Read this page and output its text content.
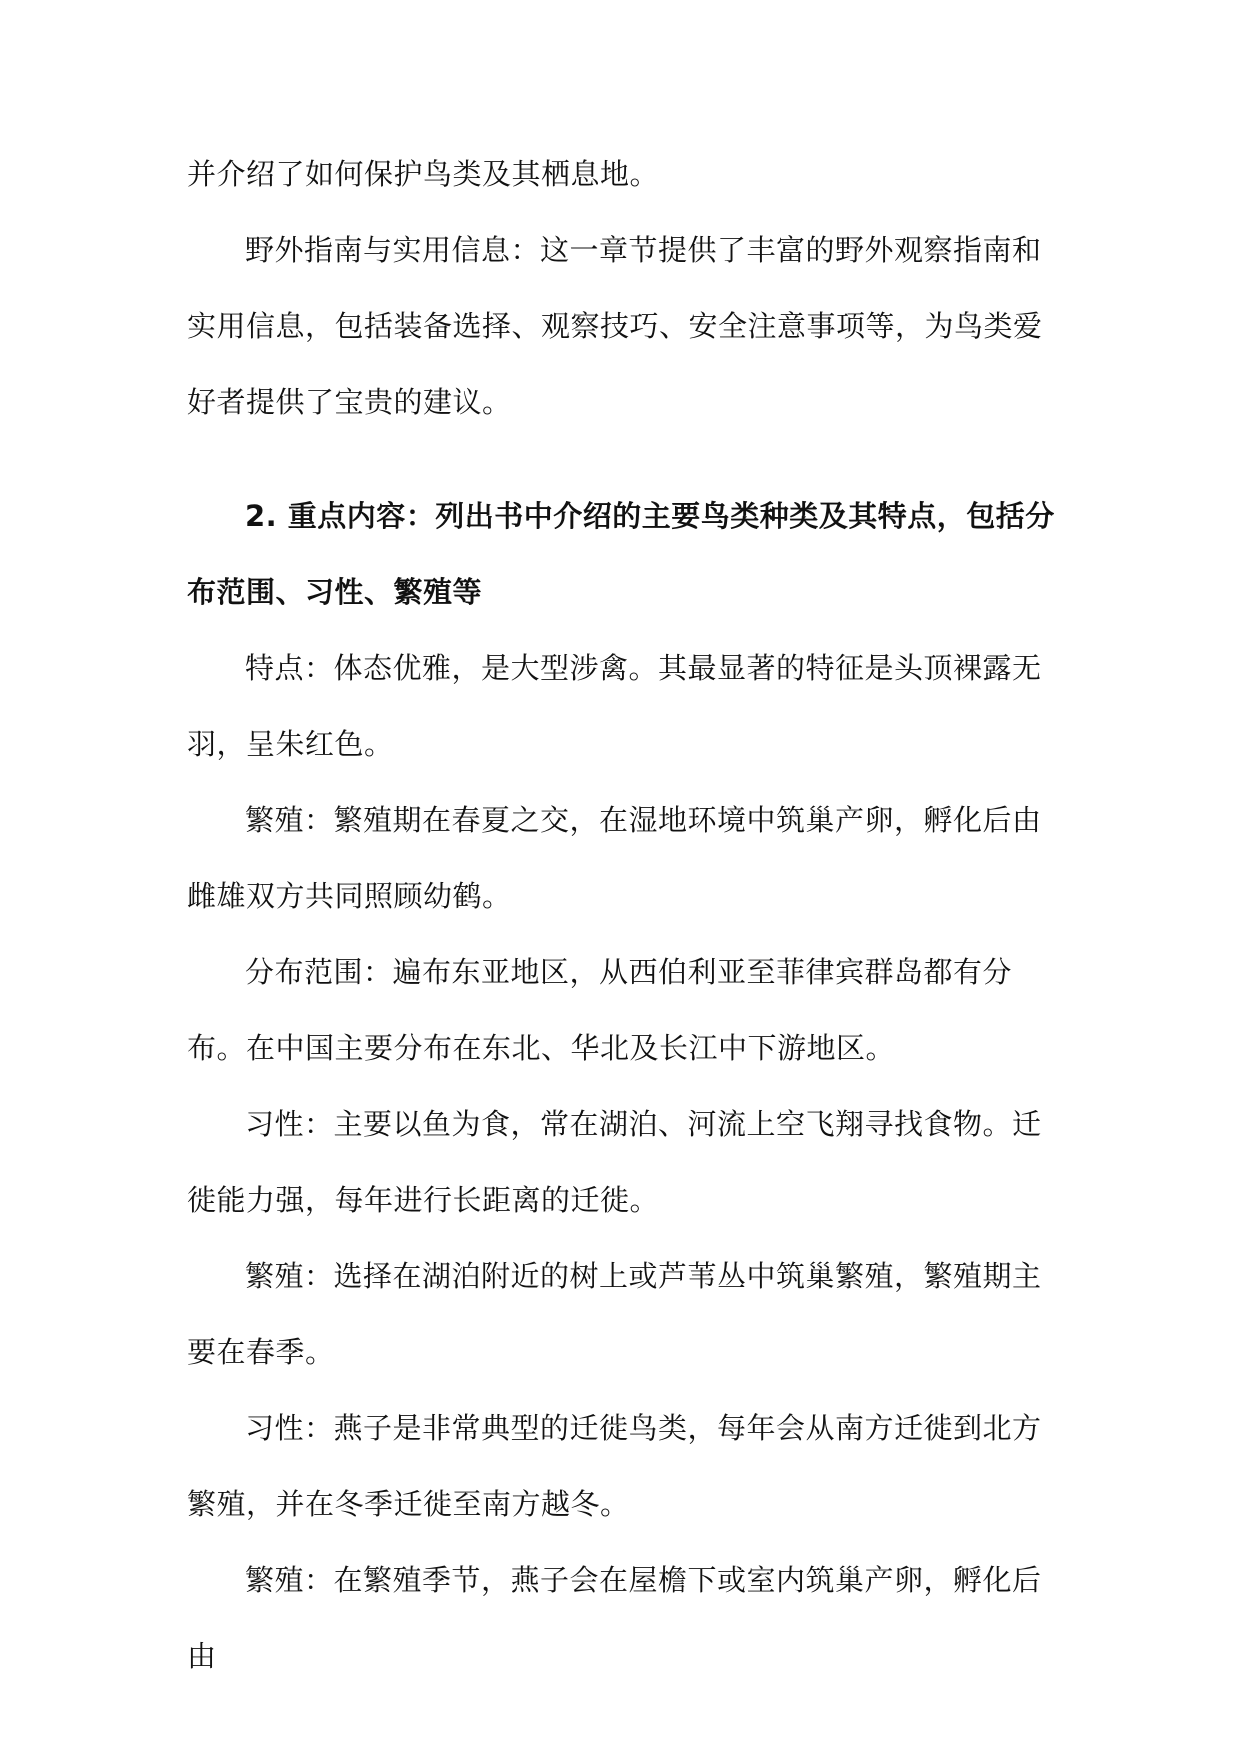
并介绍了如何保护鸟类及其栖息地。

野外指南与实用信息：这一章节提供了丰富的野外观察指南和实用信息，包括装备选择、观察技巧、安全注意事项等，为鸟类爱好者提供了宝贵的建议。

2. 重点内容：列出书中介绍的主要鸟类种类及其特点，包括分布范围、习性、繁殖等

特点：体态优雅，是大型涉禽。其最显著的特征是头顶裸露无羽，呈朱红色。

繁殖：繁殖期在春夏之交，在湿地环境中筑巢产卵，孵化后由雌雄双方共同照顾幼鹤。

分布范围：遍布东亚地区，从西伯利亚至菲律宾群岛都有分布。在中国主要分布在东北、华北及长江中下游地区。

习性：主要以鱼为食，常在湖泊、河流上空飞翔寻找食物。迁徙能力强，每年进行长距离的迁徙。

繁殖：选择在湖泊附近的树上或芦苇丛中筑巢繁殖，繁殖期主要在春季。

习性：燕子是非常典型的迁徙鸟类，每年会从南方迁徙到北方繁殖，并在冬季迁徙至南方越冬。

繁殖：在繁殖季节，燕子会在屋檐下或室内筑巢产卵，孵化后由
